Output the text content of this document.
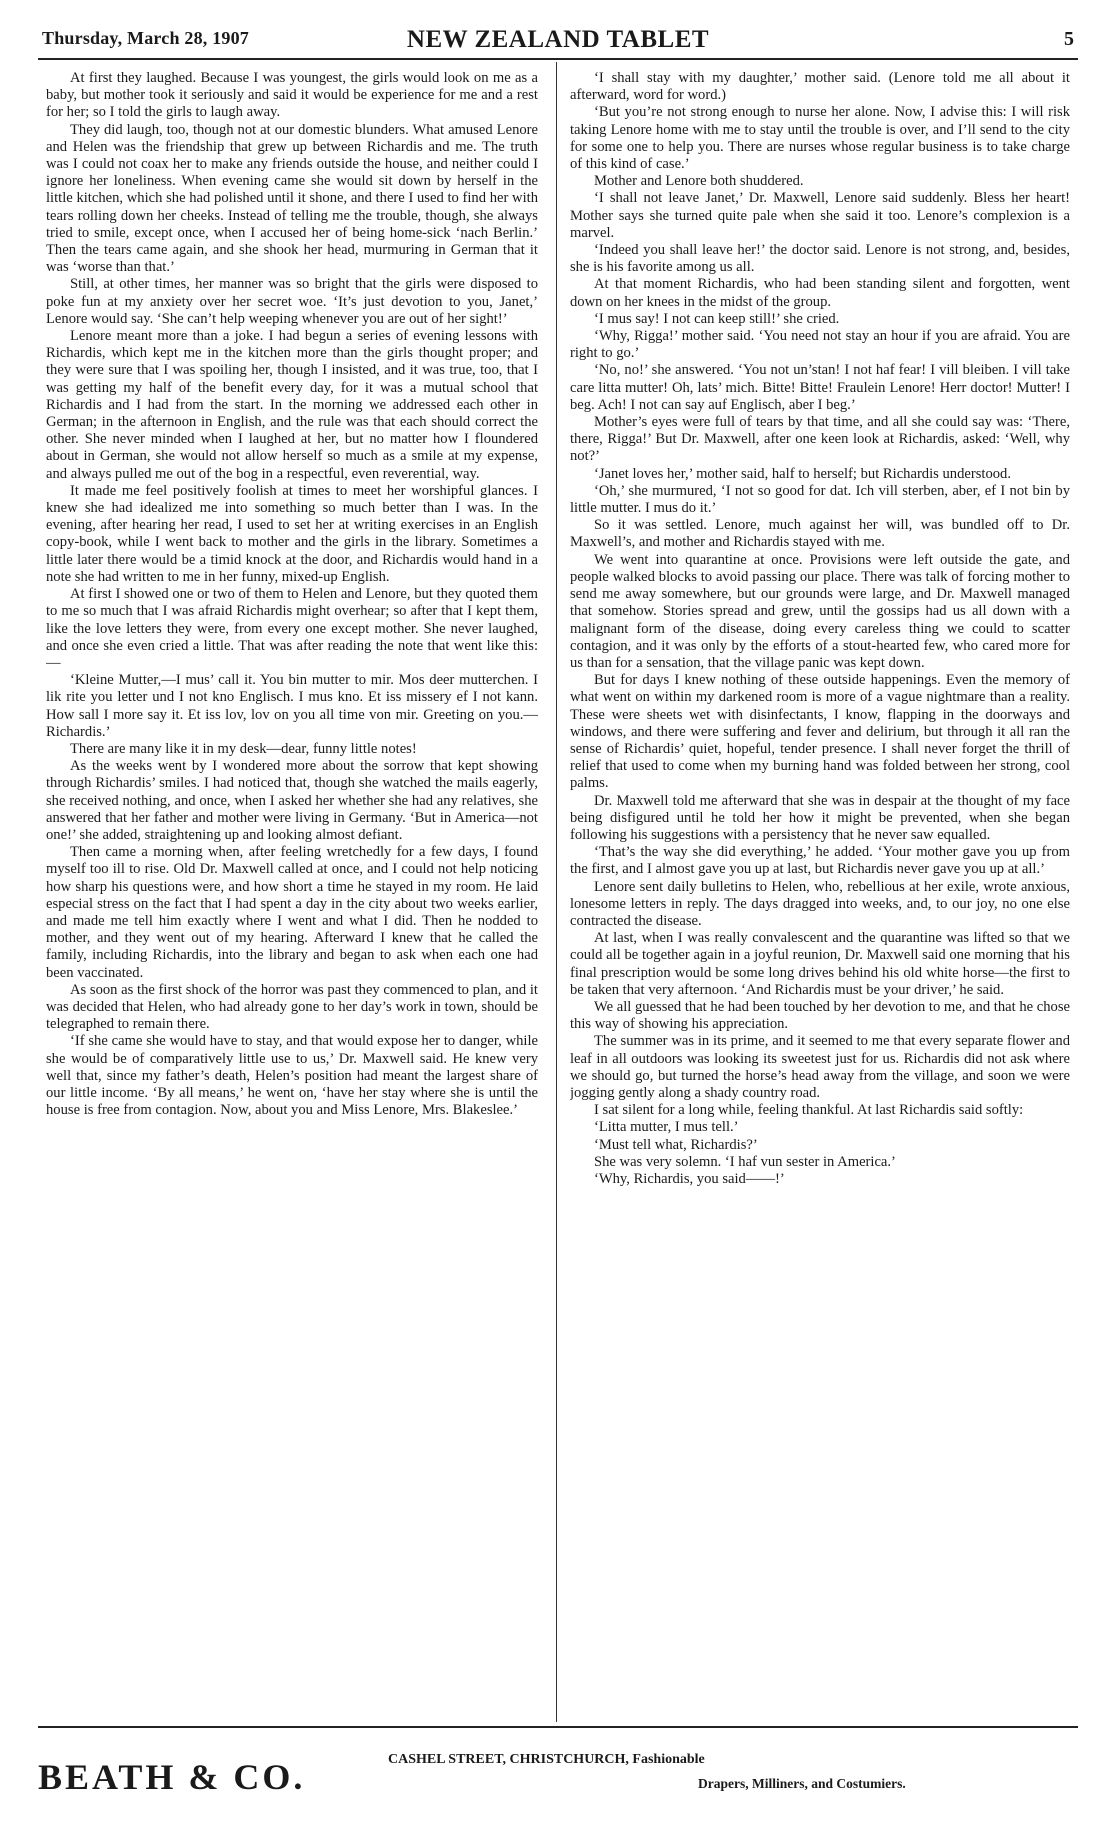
Thursday, March 28, 1907	NEW ZEALAND TABLET	5

At first they laughed. Because I was youngest, the girls would look on me as a baby, but mother took it seriously and said it would be experience for me and a rest for her; so I told the girls to laugh away.

They did laugh, too, though not at our domestic blunders. What amused Lenore and Helen was the friendship that grew up between Richardis and me. The truth was I could not coax her to make any friends outside the house, and neither could I ignore her loneliness. When evening came she would sit down by herself in the little kitchen, which she had polished until it shone, and there I used to find her with tears rolling down her cheeks. Instead of telling me the trouble, though, she always tried to smile, except once, when I accused her of being home-sick ‘nach Berlin.’ Then the tears came again, and she shook her head, murmuring in German that it was ‘worse than that.’

Still, at other times, her manner was so bright that the girls were disposed to poke fun at my anxiety over her secret woe. ‘It’s just devotion to you, Janet,’ Lenore would say. ‘She can’t help weeping whenever you are out of her sight!’

Lenore meant more than a joke. I had begun a series of evening lessons with Richardis, which kept me in the kitchen more than the girls thought proper; and they were sure that I was spoiling her, though I insisted, and it was true, too, that I was getting my half of the benefit every day, for it was a mutual school that Richardis and I had from the start. In the morning we addressed each other in German; in the afternoon in English, and the rule was that each should correct the other. She never minded when I laughed at her, but no matter how I floundered about in German, she would not allow herself so much as a smile at my expense, and always pulled me out of the bog in a respectful, even reverential, way.

It made me feel positively foolish at times to meet her worshipful glances. I knew she had idealized me into something so much better than I was. In the evening, after hearing her read, I used to set her at writing exercises in an English copy-book, while I went back to mother and the girls in the library. Sometimes a little later there would be a timid knock at the door, and Richardis would hand in a note she had written to me in her funny, mixed-up English.

At first I showed one or two of them to Helen and Lenore, but they quoted them to me so much that I was afraid Richardis might overhear; so after that I kept them, like the love letters they were, from every one except mother. She never laughed, and once she even cried a little. That was after reading the note that went like this:—

‘Kleine Mutter,—I mus’ call it. You bin mutter to mir. Mos deer mutterchen. I lik rite you letter und I not kno Englisch. I mus kno. Et iss missery ef I not kann. How sall I more say it. Et iss lov, lov on you all time von mir. Greeting on you.—Richardis.’

There are many like it in my desk—dear, funny little notes!

As the weeks went by I wondered more about the sorrow that kept showing through Richardis’ smiles. I had noticed that, though she watched the mails eagerly, she received nothing, and once, when I asked her whether she had any relatives, she answered that her father and mother were living in Germany. ‘But in America—not one!’ she added, straightening up and looking almost defiant.

Then came a morning when, after feeling wretchedly for a few days, I found myself too ill to rise. Old Dr. Maxwell called at once, and I could not help noticing how sharp his questions were, and how short a time he stayed in my room. He laid especial stress on the fact that I had spent a day in the city about two weeks earlier, and made me tell him exactly where I went and what I did. Then he nodded to mother, and they went out of my hearing. Afterward I knew that he called the family, including Richardis, into the library and began to ask when each one had been vaccinated.

As soon as the first shock of the horror was past they commenced to plan, and it was decided that Helen, who had already gone to her day’s work in town, should be telegraphed to remain there.

‘If she came she would have to stay, and that would expose her to danger, while she would be of comparatively little use to us,’ Dr. Maxwell said. He knew very well that, since my father’s death, Helen’s position had meant the largest share of our little income. ‘By all means,’ he went on, ‘have her stay where she is until the house is free from contagion. Now, about you and Miss Lenore, Mrs. Blakeslee.’

‘I shall stay with my daughter,’ mother said. (Lenore told me all about it afterward, word for word.)

‘But you’re not strong enough to nurse her alone. Now, I advise this: I will risk taking Lenore home with me to stay until the trouble is over, and I’ll send to the city for some one to help you. There are nurses whose regular business is to take charge of this kind of case.’

Mother and Lenore both shuddered.

‘I shall not leave Janet,’ Dr. Maxwell, Lenore said suddenly. Bless her heart! Mother says she turned quite pale when she said it too. Lenore’s complexion is a marvel.

‘Indeed you shall leave her!’ the doctor said. Lenore is not strong, and, besides, she is his favorite among us all.

At that moment Richardis, who had been standing silent and forgotten, went down on her knees in the midst of the group.

‘I mus say! I not can keep still!’ she cried.

‘Why, Rigga!’ mother said. ‘You need not stay an hour if you are afraid. You are right to go.’

‘No, no!’ she answered. ‘You not un’stan! I not haf fear! I vill bleiben. I vill take care litta mutter! Oh, lats’ mich. Bitte! Bitte! Fraulein Lenore! Herr doctor! Mutter! I beg. Ach! I not can say auf Englisch, aber I beg.’

Mother’s eyes were full of tears by that time, and all she could say was: ‘There, there, Rigga!’ But Dr. Maxwell, after one keen look at Richardis, asked: ‘Well, why not?’

‘Janet loves her,’ mother said, half to herself; but Richardis understood.

‘Oh,’ she murmured, ‘I not so good for dat. Ich vill sterben, aber, ef I not bin by little mutter. I mus do it.’

So it was settled. Lenore, much against her will, was bundled off to Dr. Maxwell’s, and mother and Richardis stayed with me.

We went into quarantine at once. Provisions were left outside the gate, and people walked blocks to avoid passing our place. There was talk of forcing mother to send me away somewhere, but our grounds were large, and Dr. Maxwell managed that somehow. Stories spread and grew, until the gossips had us all down with a malignant form of the disease, doing every careless thing we could to scatter contagion, and it was only by the efforts of a stout-hearted few, who cared more for us than for a sensation, that the village panic was kept down.

But for days I knew nothing of these outside happenings. Even the memory of what went on within my darkened room is more of a vague nightmare than a reality. These were sheets wet with disinfectants, I know, flapping in the doorways and windows, and there were suffering and fever and delirium, but through it all ran the sense of Richardis’ quiet, hopeful, tender presence. I shall never forget the thrill of relief that used to come when my burning hand was folded between her strong, cool palms.

Dr. Maxwell told me afterward that she was in despair at the thought of my face being disfigured until he told her how it might be prevented, when she began following his suggestions with a persistency that he never saw equalled.

‘That’s the way she did everything,’ he added. ‘Your mother gave you up from the first, and I almost gave you up at last, but Richardis never gave you up at all.’

Lenore sent daily bulletins to Helen, who, rebellious at her exile, wrote anxious, lonesome letters in reply. The days dragged into weeks, and, to our joy, no one else contracted the disease.

At last, when I was really convalescent and the quarantine was lifted so that we could all be together again in a joyful reunion, Dr. Maxwell said one morning that his final prescription would be some long drives behind his old white horse—the first to be taken that very afternoon. ‘And Richardis must be your driver,’ he said.

We all guessed that he had been touched by her devotion to me, and that he chose this way of showing his appreciation.

The summer was in its prime, and it seemed to me that every separate flower and leaf in all outdoors was looking its sweetest just for us. Richardis did not ask where we should go, but turned the horse’s head away from the village, and soon we were jogging gently along a shady country road.

I sat silent for a long while, feeling thankful. At last Richardis said softly:

‘Litta mutter, I mus tell.’

‘Must tell what, Richardis?’

She was very solemn. ‘I haf vun sester in America.’

‘Why, Richardis, you said——!’

BEATH & CO.	CASHEL STREET, CHRISTCHURCH, Fashionable
Drapers, Milliners, and Costumiers.
